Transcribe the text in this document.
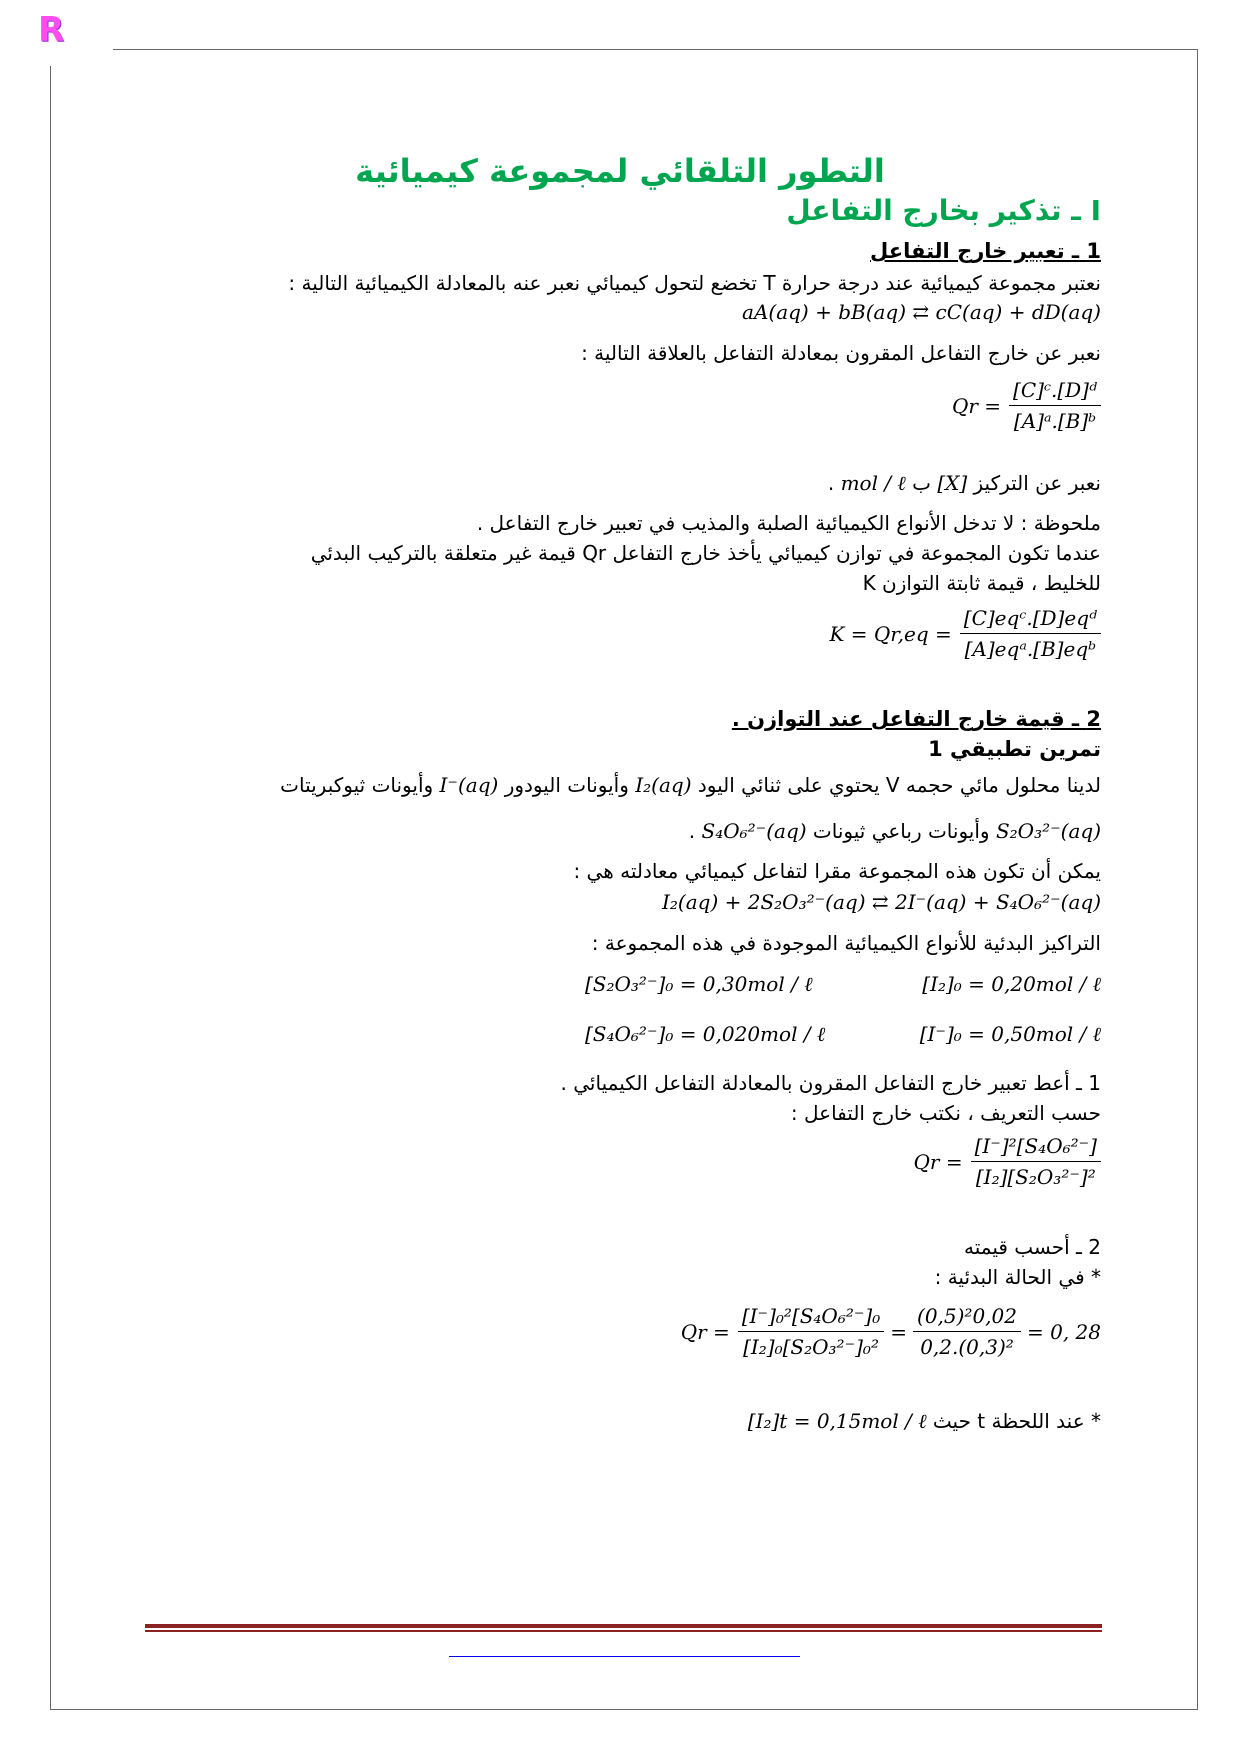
R
التطور التلقائي لمجموعة كيميائية
I ـ تذكير بخارج التفاعل
1 ـ تعبير خارج التفاعل
نعتبر مجموعة كيميائية عند درجة حرارة T تخضع لتحول كيميائي نعبر عنه بالمعادلة الكيميائية التالية :
aA(aq) + bB(aq) ⇄ cC(aq) + dD(aq)
نعبر عن خارج التفاعل المقرون بمعادلة التفاعل بالعلاقة التالية :
$Qr = \frac{\text{[C]ᶜ.[D]ᵈ}}{\text{[A]ᵃ.[B]ᵇ}}$
نعبر عن التركيز [X] ب mol / ℓ .
ملحوظة : لا تدخل الأنواع الكيميائية الصلبة والمذيب في تعبير خارج التفاعل .
عندما تكون المجموعة في توازن كيميائي يأخذ خارج التفاعل Qr قيمة غير متعلقة بالتركيب البدئي
للخليط ، قيمة ثابتة التوازن K
$K = Qr,eq = \frac{\text{[C]eqᶜ.[D]eqᵈ}}{\text{[A]eqᵃ.[B]eqᵇ}}$
2 ـ قيمة خارج التفاعل عند التوازن .
تمرين تطبيقي 1
لدينا محلول مائي حجمه V يحتوي على ثنائي اليود I₂(aq) وأيونات اليودور I⁻(aq) وأيونات ثيوكبريتات
S₂O₃²⁻(aq) وأيونات رباعي ثيونات S₄O₆²⁻(aq) .
يمكن أن تكون هذه المجموعة مقرا لتفاعل كيميائي معادلته هي :
I₂(aq) + 2S₂O₃²⁻(aq) ⇄ 2I⁻(aq) + S₄O₆²⁻(aq)
التراكيز البدئية للأنواع الكيميائية الموجودة في هذه المجموعة :
[S₂O₃²⁻]₀ = 0,30mol / ℓ	[I₂]₀ = 0,20mol / ℓ
[S₄O₆²⁻]₀ = 0,020mol / ℓ	[I⁻]₀ = 0,50mol / ℓ
1 ـ أعط تعبير خارج التفاعل المقرون بالمعادلة التفاعل الكيميائي .
حسب التعريف ، نكتب خارج التفاعل :
$Qr = \frac{\text{[I⁻]²[S₄O₆²⁻]}}{\text{[I₂][S₂O₃²⁻]²}}$
2 ـ أحسب قيمته
* في الحالة البدئية :
$Qr = \frac{\text{[I⁻]₀²[S₄O₆²⁻]₀}}{\text{[I₂]₀[S₂O₃²⁻]₀²}} = \frac{\text{(0,5)²0,02}}{\text{0,2.(0,3)²}} = 0$, 28
* عند اللحظة t حيث [I₂]t = 0,15mol / ℓ
